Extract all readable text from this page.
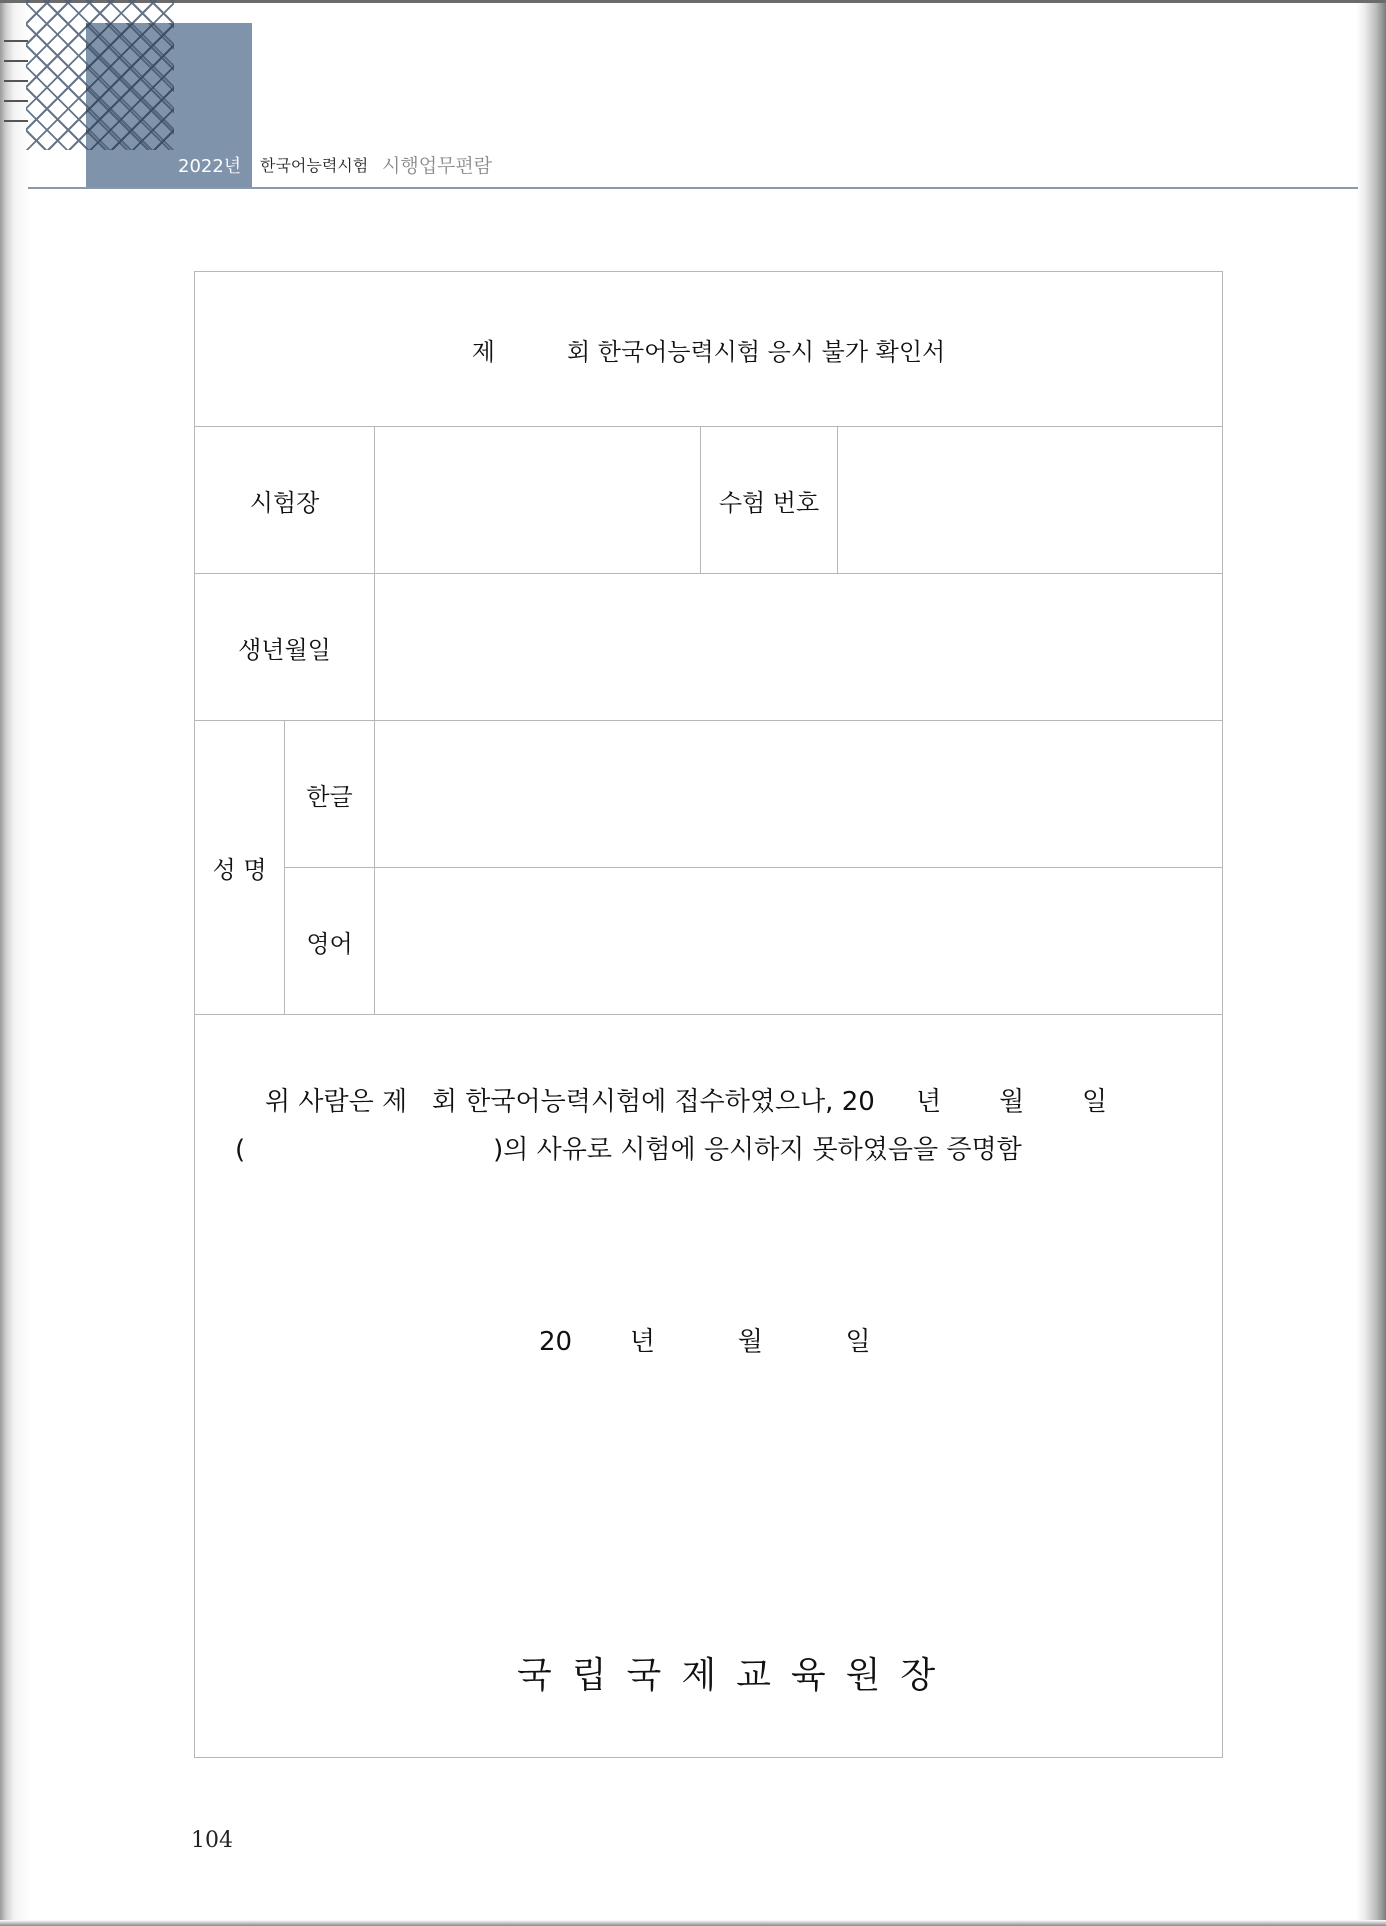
2022년 한국어능력시험 시행업무편람
제 회 한국어능력시험 응시 불가 확인서				
시험장			수험 번호	
생년월일				
성 명	한글			
	영어			

위 사람은 제   회 한국어능력시험에 접수하였으나, 20     년       월       일
(                              )의 사유로 시험에 응시하지 못하였음을 증명함
20       년          월          일
국립국제교육원장				
104
